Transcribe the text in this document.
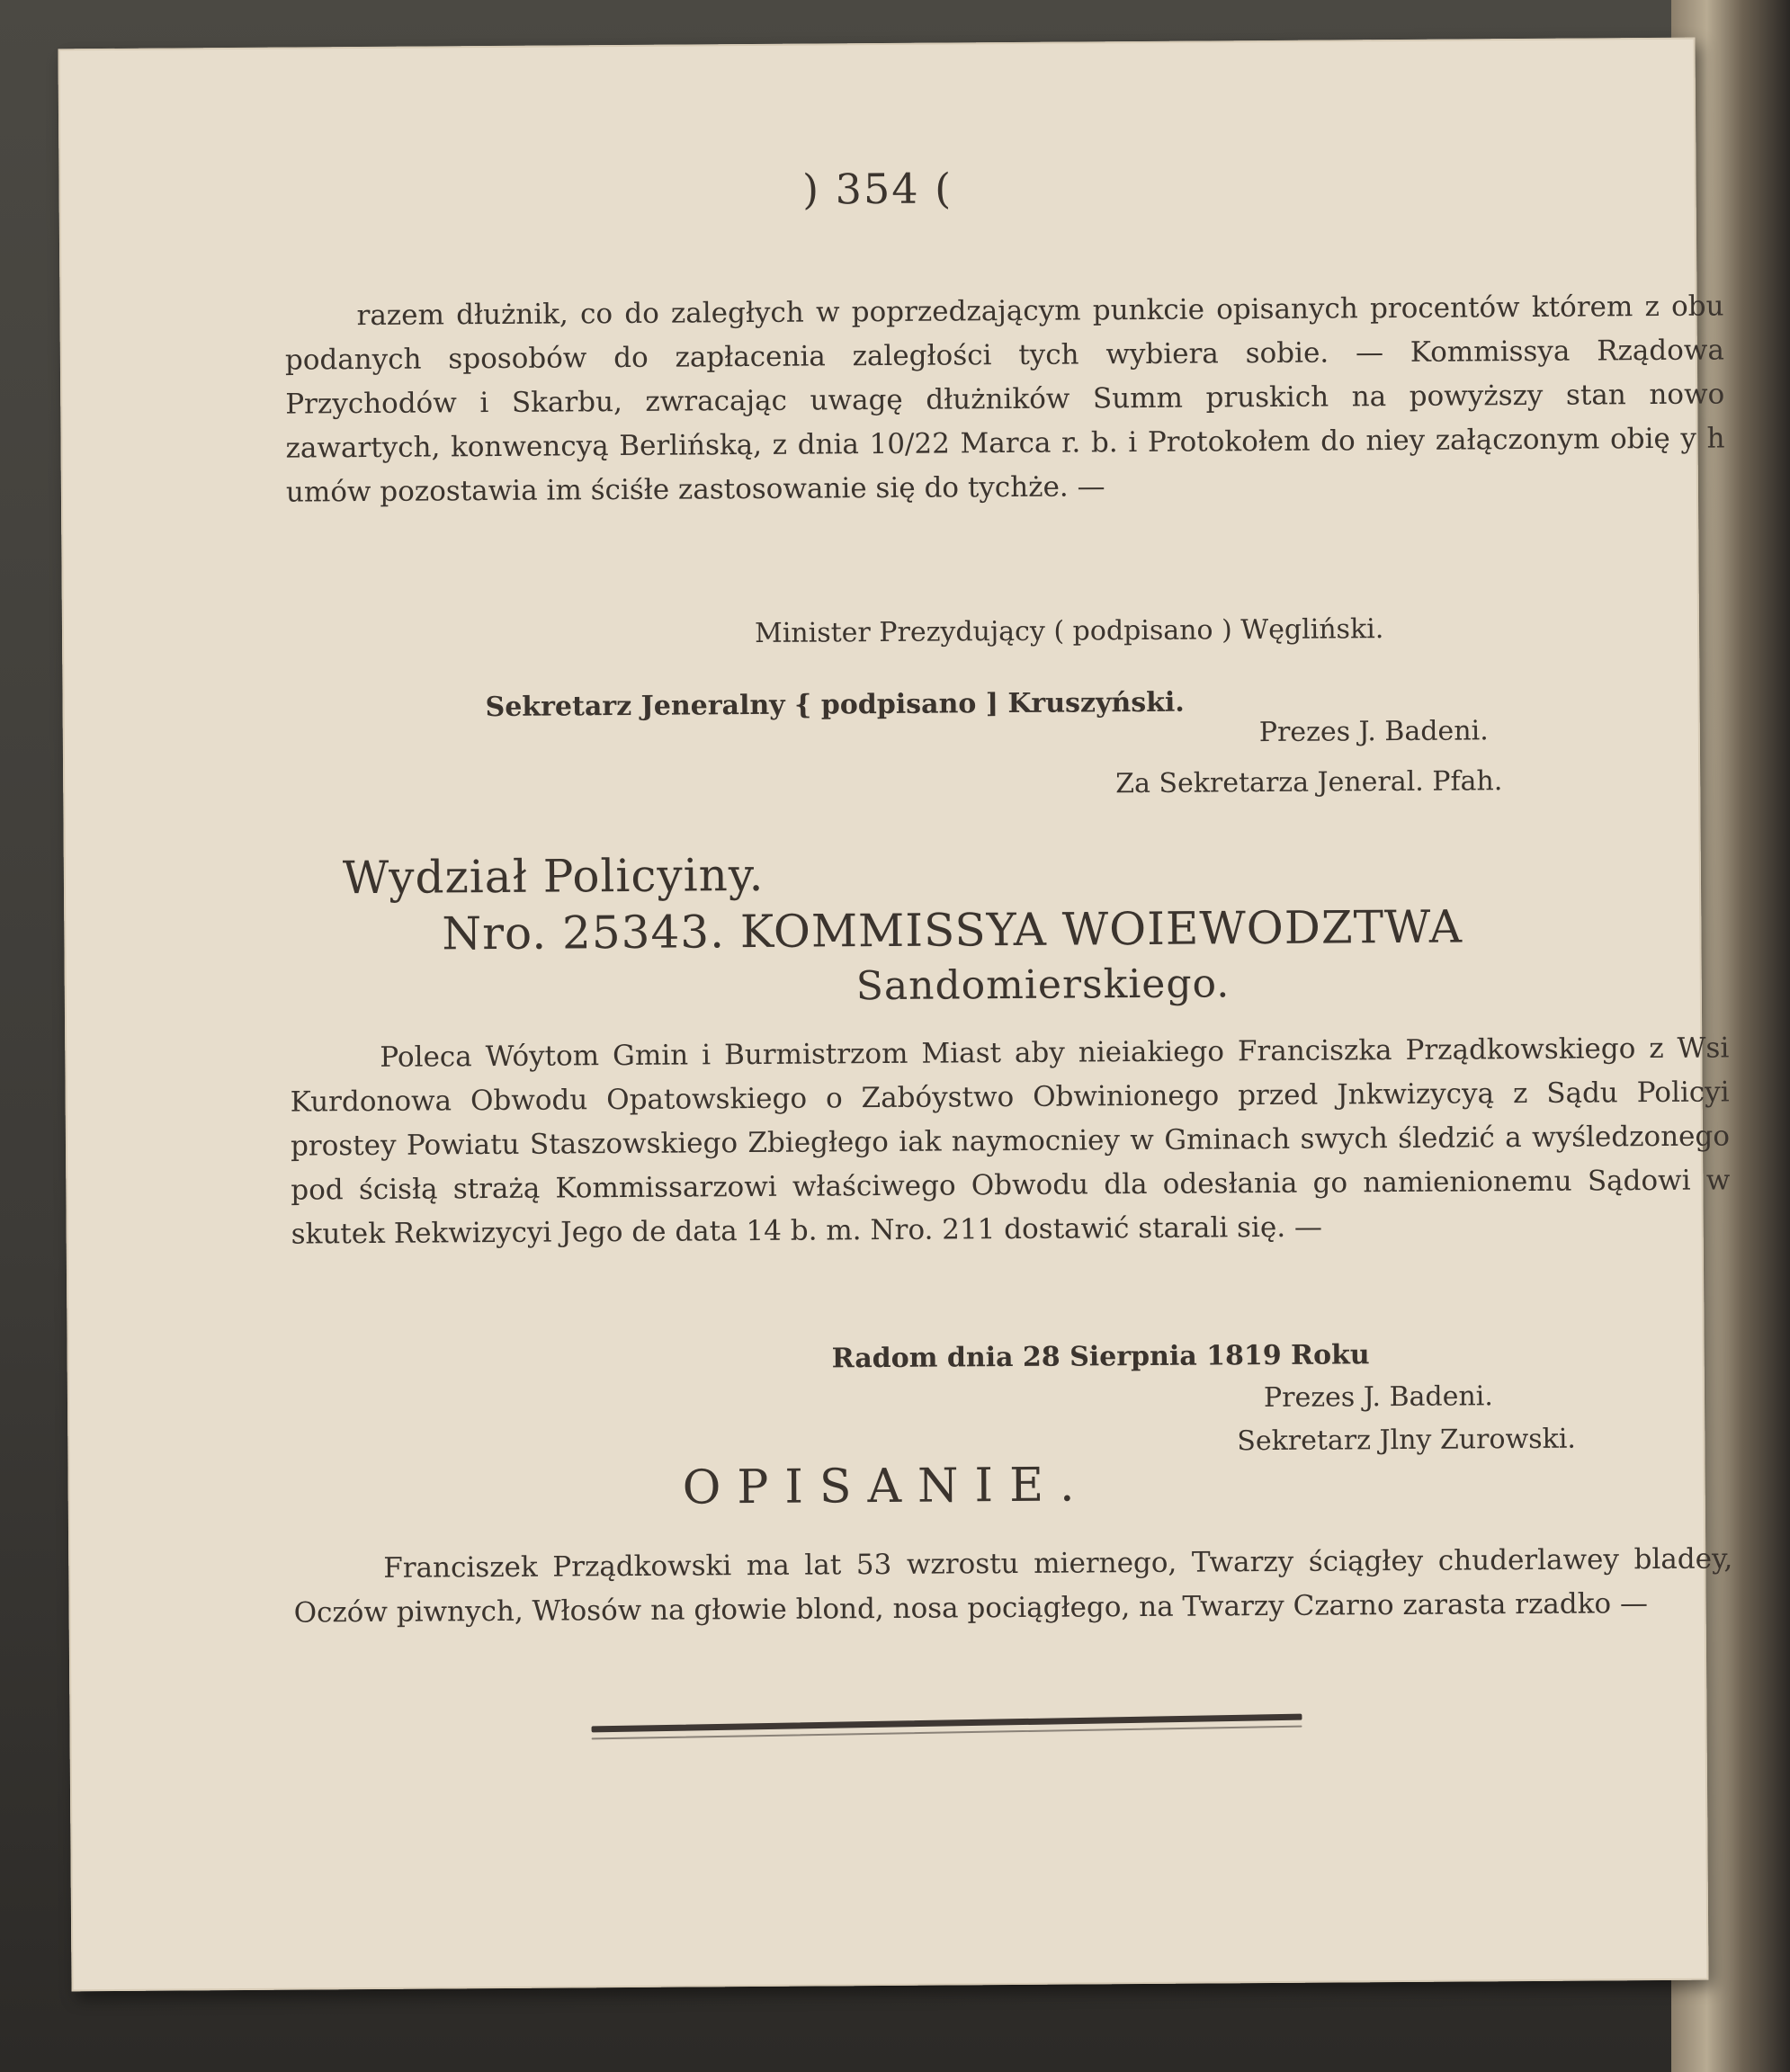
) 354 (

razem dłużnik, co do zaległych w poprzedzającym punkcie opisanych procentów którem z obu podanych sposobów do zapłacenia zaległości tych wybiera sobie. — Kommissya Rządowa Przychodów i Skarbu, zwracając uwagę dłużników Summ pruskich na powyższy stan nowo zawartych, konwencyą Berlińską, z dnia 10/22 Marca r. b. i Protokołem do niey załączonym obię y h umów pozostawia im ściśłe zastosowanie się do tychże. —

Minister Prezydujący ( podpisano ) Węgliński.
Sekretarz Jeneralny { podpisano ] Kruszyński.
Prezes J. Badeni.
Za Sekretarza Jeneral. Pfah.
Wydział Policyiny.
Nro. 25343. KOMMISSYA WOIEWODZTWA
Sandomierskiego.

Poleca Wóytom Gmin i Burmistrzom Miast aby nieiakiego Franciszka Prządkowskiego z Wsi Kurdonowa Obwodu Opatowskiego o Zabóystwo Obwinionego przed Jnkwizycyą z Sądu Policyi prostey Powiatu Staszowskiego Zbiegłego iak naymocniey w Gminach swych śledzić a wyśledzonego pod ścisłą strażą Kommissarzowi właściwego Obwodu dla odesłania go namienionemu Sądowi w skutek Rekwizycyi Jego de data 14 b. m. Nro. 211 dostawić starali się. —

Radom dnia 28 Sierpnia 1819 Roku
Prezes J. Badeni.
Sekretarz Jlny Zurowski.
OPISANIE.

Franciszek Prządkowski ma lat 53 wzrostu miernego, Twarzy ściągłey chuderlawey bladey, Oczów piwnych, Włosów na głowie blond, nosa pociągłego, na Twarzy Czarno zarasta rzadko —
